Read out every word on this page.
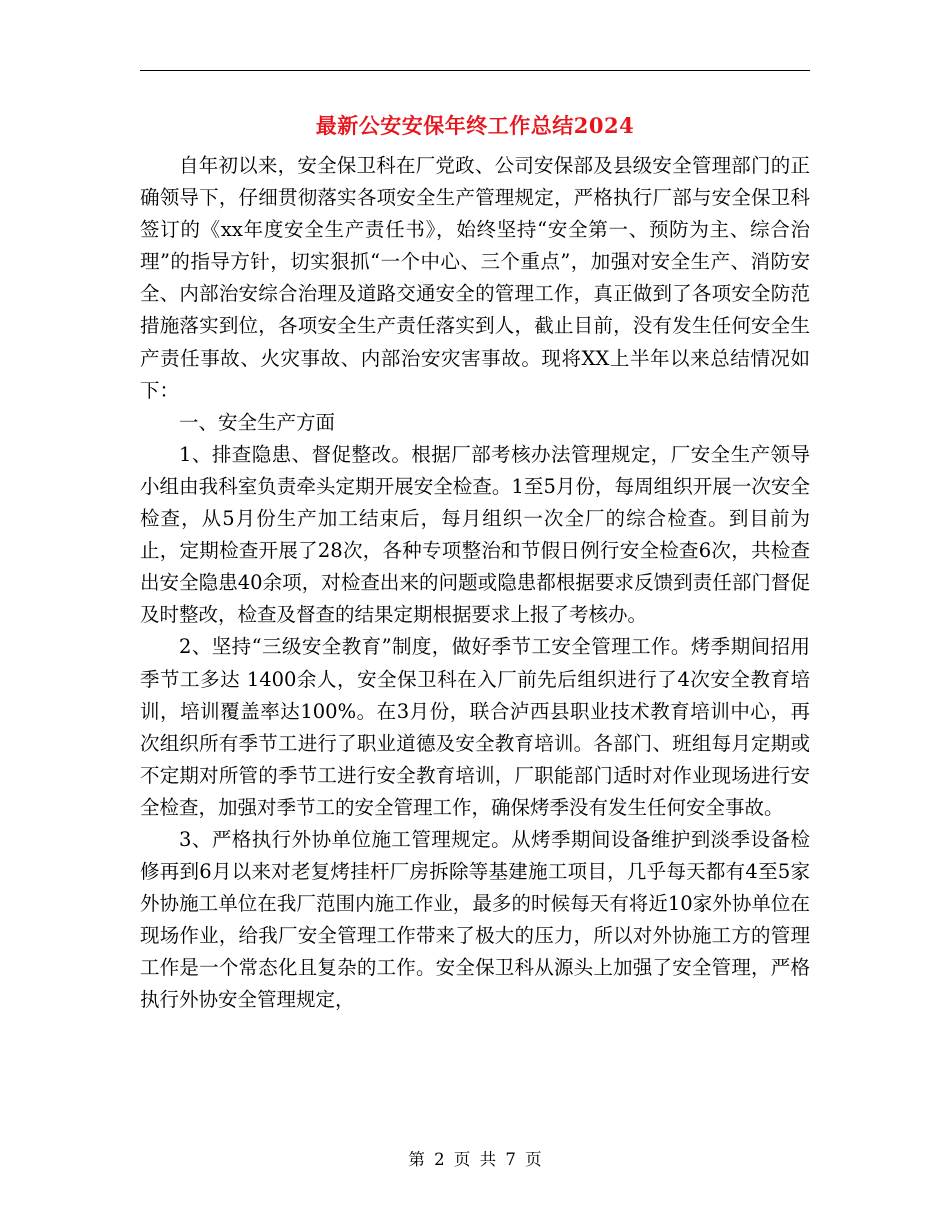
最新公安安保年终工作总结2024

自年初以来，安全保卫科在厂党政、公司安保部及县级安全管理部门的正确领导下，仔细贯彻落实各项安全生产管理规定，严格执行厂部与安全保卫科签订的《xx年度安全生产责任书》，始终坚持“安全第一、预防为主、综合治理”的指导方针，切实狠抓“一个中心、三个重点”，加强对安全生产、消防安全、内部治安综合治理及道路交通安全的管理工作，真正做到了各项安全防范措施落实到位，各项安全生产责任落实到人，截止目前，没有发生任何安全生产责任事故、火灾事故、内部治安灾害事故。现将XX上半年以来总结情况如下：

一、安全生产方面

1、排查隐患、督促整改。根据厂部考核办法管理规定，厂安全生产领导小组由我科室负责牵头定期开展安全检查。1至5月份，每周组织开展一次安全检查，从5月份生产加工结束后，每月组织一次全厂的综合检查。到目前为止，定期检查开展了28次，各种专项整治和节假日例行安全检查6次，共检查出安全隐患40余项，对检查出来的问题或隐患都根据要求反馈到责任部门督促及时整改，检查及督查的结果定期根据要求上报了考核办。

2、坚持“三级安全教育”制度，做好季节工安全管理工作。烤季期间招用季节工多达 1400余人，安全保卫科在入厂前先后组织进行了4次安全教育培训，培训覆盖率达100%。在3月份，联合泸西县职业技术教育培训中心，再次组织所有季节工进行了职业道德及安全教育培训。各部门、班组每月定期或不定期对所管的季节工进行安全教育培训，厂职能部门适时对作业现场进行安全检查，加强对季节工的安全管理工作，确保烤季没有发生任何安全事故。

3、严格执行外协单位施工管理规定。从烤季期间设备维护到淡季设备检修再到6月以来对老复烤挂杆厂房拆除等基建施工项目，几乎每天都有4至5家外协施工单位在我厂范围内施工作业，最多的时候每天有将近10家外协单位在现场作业，给我厂安全管理工作带来了极大的压力，所以对外协施工方的管理工作是一个常态化且复杂的工作。安全保卫科从源头上加强了安全管理，严格执行外协安全管理规定，

第 2 页 共 7 页
